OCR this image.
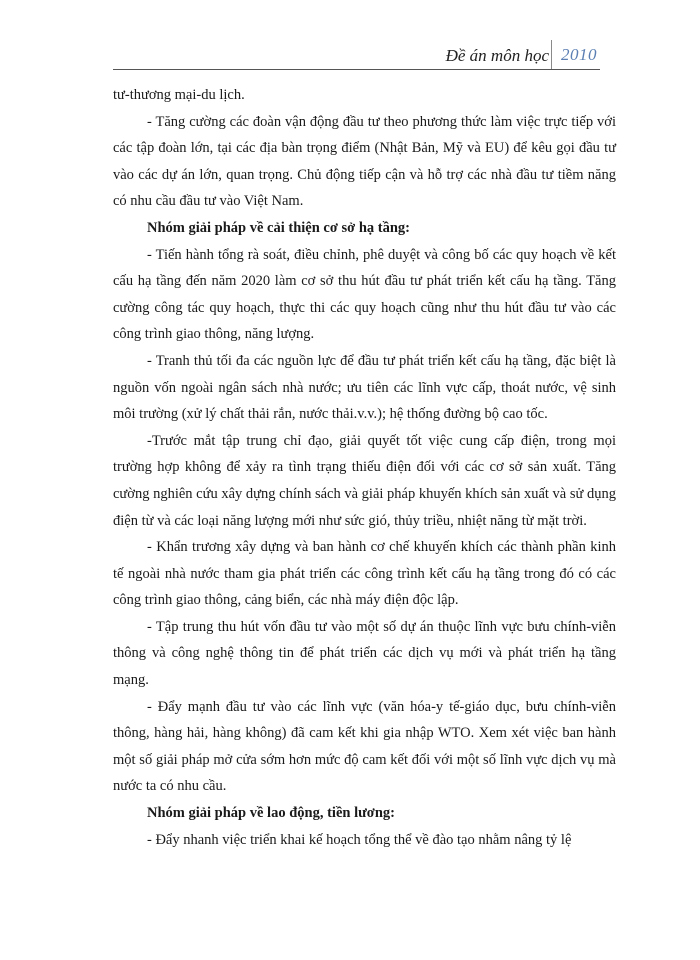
Đề án môn học 2010

tư-thương mại-du lịch.

- Tăng cường các đoàn vận động đầu tư theo phương thức làm việc trực tiếp với các tập đoàn lớn, tại các địa bàn trọng điểm (Nhật Bản, Mỹ và EU) để kêu gọi đầu tư vào các dự án lớn, quan trọng. Chủ động tiếp cận và hỗ trợ các nhà đầu tư tiềm năng có nhu cầu đầu tư vào Việt Nam.

Nhóm giải pháp về cải thiện cơ sở hạ tầng:

- Tiến hành tổng rà soát, điều chỉnh, phê duyệt và công bố các quy hoạch về kết cấu hạ tầng đến năm 2020 làm cơ sở thu hút đầu tư phát triển kết cấu hạ tầng. Tăng cường công tác quy hoạch, thực thi các quy hoạch cũng như thu hút đầu tư vào các công trình giao thông, năng lượng.

- Tranh thủ tối đa các nguồn lực để đầu tư phát triển kết cấu hạ tầng, đặc biệt là nguồn vốn ngoài ngân sách nhà nước; ưu tiên các lĩnh vực cấp, thoát nước, vệ sinh môi trường (xử lý chất thải rắn, nước thải.v.v.); hệ thống đường bộ cao tốc.

-Trước mắt tập trung chỉ đạo, giải quyết tốt việc cung cấp điện, trong mọi trường hợp không để xảy ra tình trạng thiếu điện đối với các cơ sở sản xuất. Tăng cường nghiên cứu xây dựng chính sách và giải pháp khuyến khích sản xuất và sử dụng điện từ và các loại năng lượng mới như sức gió, thủy triều, nhiệt năng từ mặt trời.

- Khẩn trương xây dựng và ban hành cơ chế khuyến khích các thành phần kinh tế ngoài nhà nước tham gia phát triển các công trình kết cấu hạ tầng trong đó có các công trình giao thông, cảng biển, các nhà máy điện độc lập.

- Tập trung thu hút vốn đầu tư vào một số dự án thuộc lĩnh vực bưu chính-viễn thông và công nghệ thông tin để phát triển các dịch vụ mới và phát triển hạ tầng mạng.

- Đẩy mạnh đầu tư vào các lĩnh vực (văn hóa-y tế-giáo dục, bưu chính-viễn thông, hàng hải, hàng không) đã cam kết khi gia nhập WTO. Xem xét việc ban hành một số giải pháp mở cửa sớm hơn mức độ cam kết đối với một số lĩnh vực dịch vụ mà nước ta có nhu cầu.

Nhóm giải pháp về lao động, tiền lương:

- Đẩy nhanh việc triển khai kế hoạch tổng thể về đào tạo nhằm nâng tỷ lệ
